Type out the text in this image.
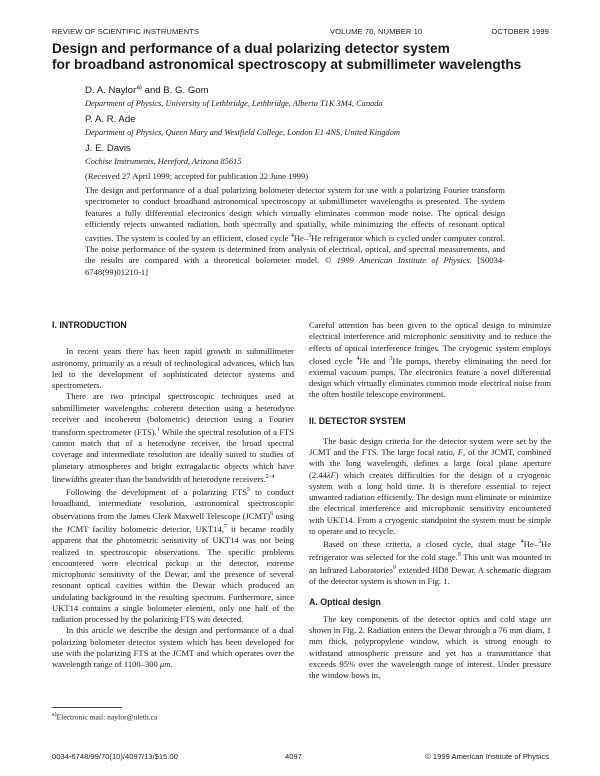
REVIEW OF SCIENTIFIC INSTRUMENTS	VOLUME 70, NUMBER 10	OCTOBER 1999
Design and performance of a dual polarizing detector system
for broadband astronomical spectroscopy at submillimeter wavelengths
D. A. Naylor$^{a)}$ and B. G. Gom
Department of Physics, University of Lethbridge, Lethbridge, Alberta T1K 3M4, Canada
P. A. R. Ade
Department of Physics, Queen Mary and Westfield College, London E1 4NS, United Kingdom
J. E. Davis
Cochise Instruments, Hereford, Arizona 85615
(Received 27 April 1999; accepted for publication 22 June 1999)

The design and performance of a dual polarizing bolometer detector system for use with a polarizing Fourier transform spectrometer to conduct broadband astronomical spectroscopy at submillimeter wavelengths is presented. The system features a fully differential electronics design which virtually eliminates common mode noise. The optical design efficiently rejects unwanted radiation, both spectrally and spatially, while minimizing the effects of resonant optical cavities. The system is cooled by an efficient, closed cycle $^4$He–$^3$He refrigerator which is cycled under computer control. The noise performance of the system is determined from analysis of electrical, optical, and spectral measurements, and the results are compared with a theoretical bolometer model. © 1999 American Institute of Physics. [S0034-6748(99)01210-1]

I. INTRODUCTION

In recent years there has been rapid growth in submillimeter astronomy, primarily as a result of technological advances, which has led to the development of sophisticated detector systems and spectrometers.

There are two principal spectroscopic techniques used at submillimeter wavelengths: coherent detection using a heterodyne receiver and incoherent (bolometric) detection using a Fourier transform spectrometer (FTS).$^1$ While the spectral resolution of a FTS cannot match that of a heterodyne receiver, the broad spectral coverage and intermediate resolution are ideally suited to studies of planetary atmospheres and bright extragalactic objects which have linewidths greater than the bandwidth of heterodyne receivers.$^{2-4}$

Following the development of a polarizing FTS$^5$ to conduct broadband, intermediate resolution, astronomical spectroscopic observations from the James Clerk Maxwell Telescope (JCMT)$^6$ using the JCMT facility bolometric detector, UKT14,$^7$ it became readily apparent that the photometric sensitivity of UKT14 was not being realized in spectroscopic observations. The specific problems encountered were electrical pickup at the detector, extreme microphonic sensitivity of the Dewar, and the presence of several resonant optical cavities within the Dewar which produced an undulating background in the resulting spectrum. Furthermore, since UKT14 contains a single bolometer element, only one half of the radiation processed by the polarizing FTS was detected.

In this article we describe the design and performance of a dual polarizing bolometer detector system which has been developed for use with the polarizing FTS at the JCMT and which operates over the wavelength range of 1100–300 μm.

Careful attention has been given to the optical design to minimize electrical interference and microphonic sensitivity and to reduce the effects of optical interference fringes. The cryogenic system employs closed cycle $^4$He and $^3$He pumps, thereby eliminating the need for external vacuum pumps. The electronics feature a novel differential design which virtually eliminates common mode electrical noise from the often hostile telescope environment.

II. DETECTOR SYSTEM

The basic design criteria for the detector system were set by the JCMT and the FTS. The large focal ratio, F, of the JCMT, combined with the long wavelength, defines a large focal plane aperture (2.44λF) which creates difficulties for the design of a cryogenic system with a long hold time. It is therefore essential to reject unwanted radiation efficiently. The design must eliminate or minimize the electrical interference and microphonic sensitivity encountered with UKT14. From a cryogenic standpoint the system must be simple to operate and to recycle.

Based on these criteria, a closed cycle, dual stage $^4$He–$^3$He refrigerator was selected for the cold stage.$^8$ This unit was mounted in an Infrared Laboratories$^9$ extended HD8 Dewar. A schematic diagram of the detector system is shown in Fig. 1.

A. Optical design

The key components of the detector optics and cold stage are shown in Fig. 2. Radiation enters the Dewar through a 76 mm diam, 1 mm thick, polypropylene window, which is strong enough to withstand atmospheric pressure and yet has a transmittance that exceeds 95% over the wavelength range of interest. Under pressure the window bows in,

$^{a)}$Electronic mail: naylor@uleth.ca
0034-6748/99/70(10)/4097/13/$15.00	4097	© 1999 American Institute of Physics
